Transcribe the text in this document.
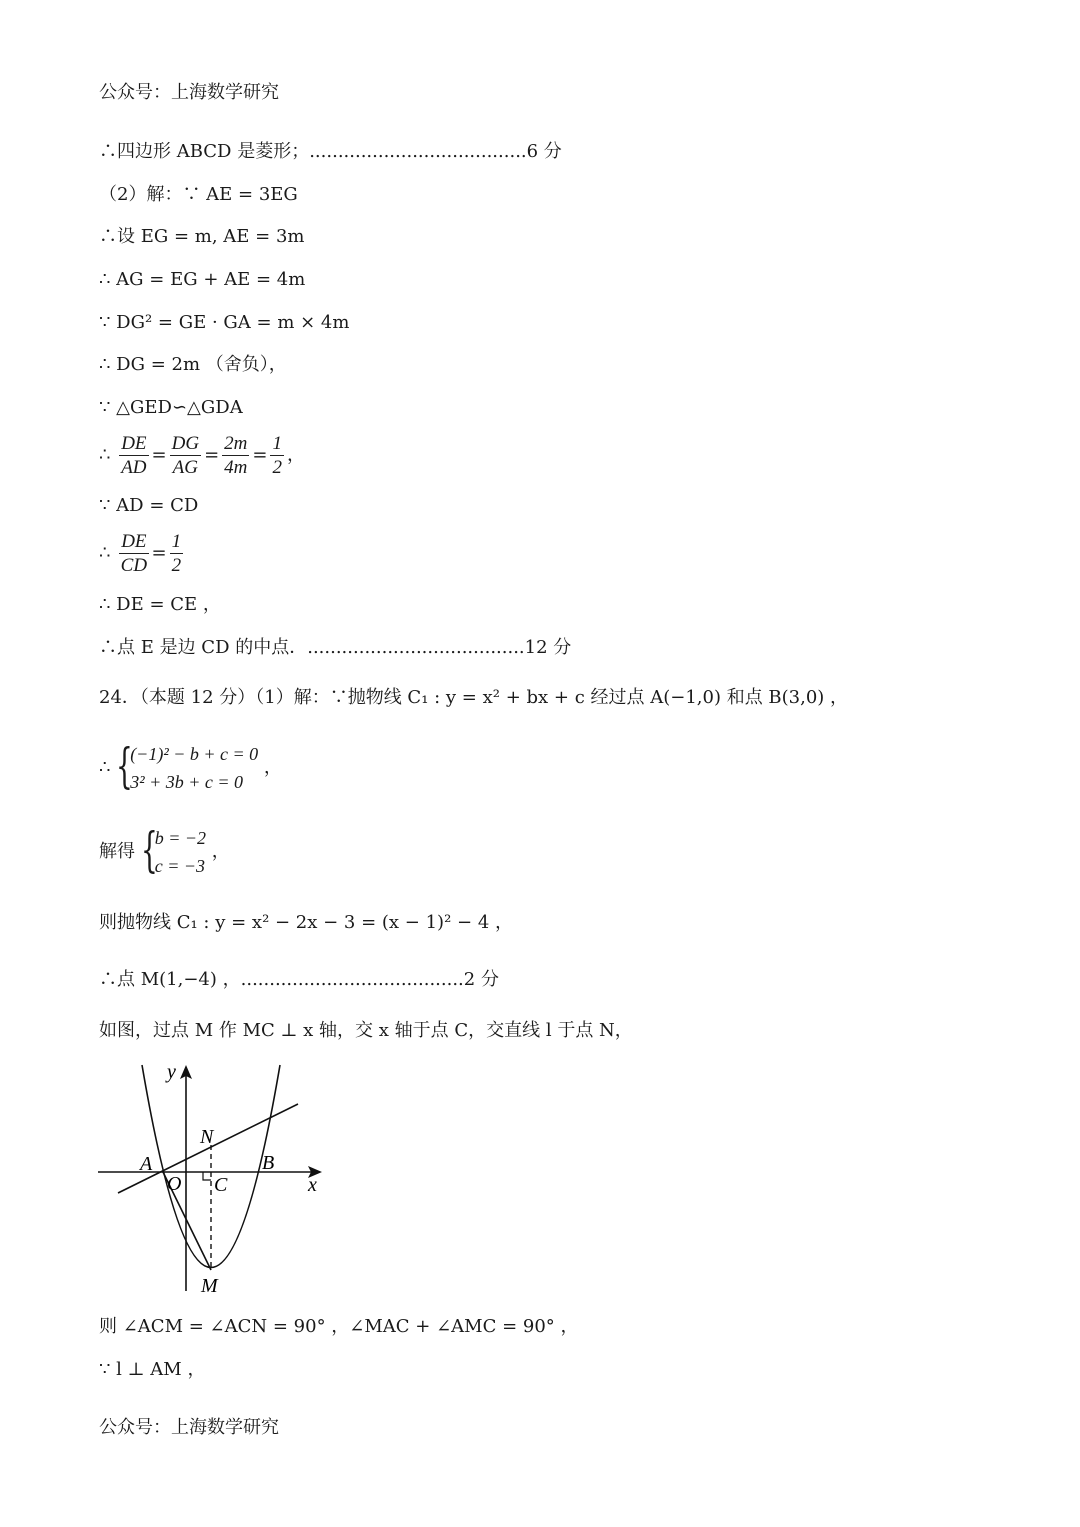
公众号：上海数学研究
∴四边形 ABCD 是菱形；......................................6 分
（2）解：∵ AE = 3EG
∴设 EG = m, AE = 3m
∴ AG = EG + AE = 4m
∵ DG² = GE · GA = m × 4m
∴ DG = 2m （舍负），
∵ △GED∽△GDA
∴ $\frac{DE}{AD} = \frac{DG}{AG} = \frac{2m}{4m} = \frac{1}{2}$ ，
∵ AD = CD
∴ $\frac{DE}{CD} = \frac{1}{2}$
∴ DE = CE ，
∴点 E 是边 CD 的中点．......................................12 分
24．（本题 12 分）（1）解：∵抛物线 C₁ : y = x² + bx + c 经过点 A(−1,0) 和点 B(3,0) ，
∴ {
(−1)² − b + c = 0
3² + 3b + c = 0
，
解得 {
b = −2
c = −3
，
则抛物线 C₁ : y = x² − 2x − 3 = (x − 1)² − 4 ，
∴点 M(1,−4) ，.......................................2 分
如图，过点 M 作 MC ⊥ x 轴，交 x 轴于点 C，交直线 l 于点 N，
y
x
A
O
B
C
N
M
则 ∠ACM = ∠ACN = 90° ，∠MAC + ∠AMC = 90° ，
∵ l ⊥ AM ，
公众号：上海数学研究
